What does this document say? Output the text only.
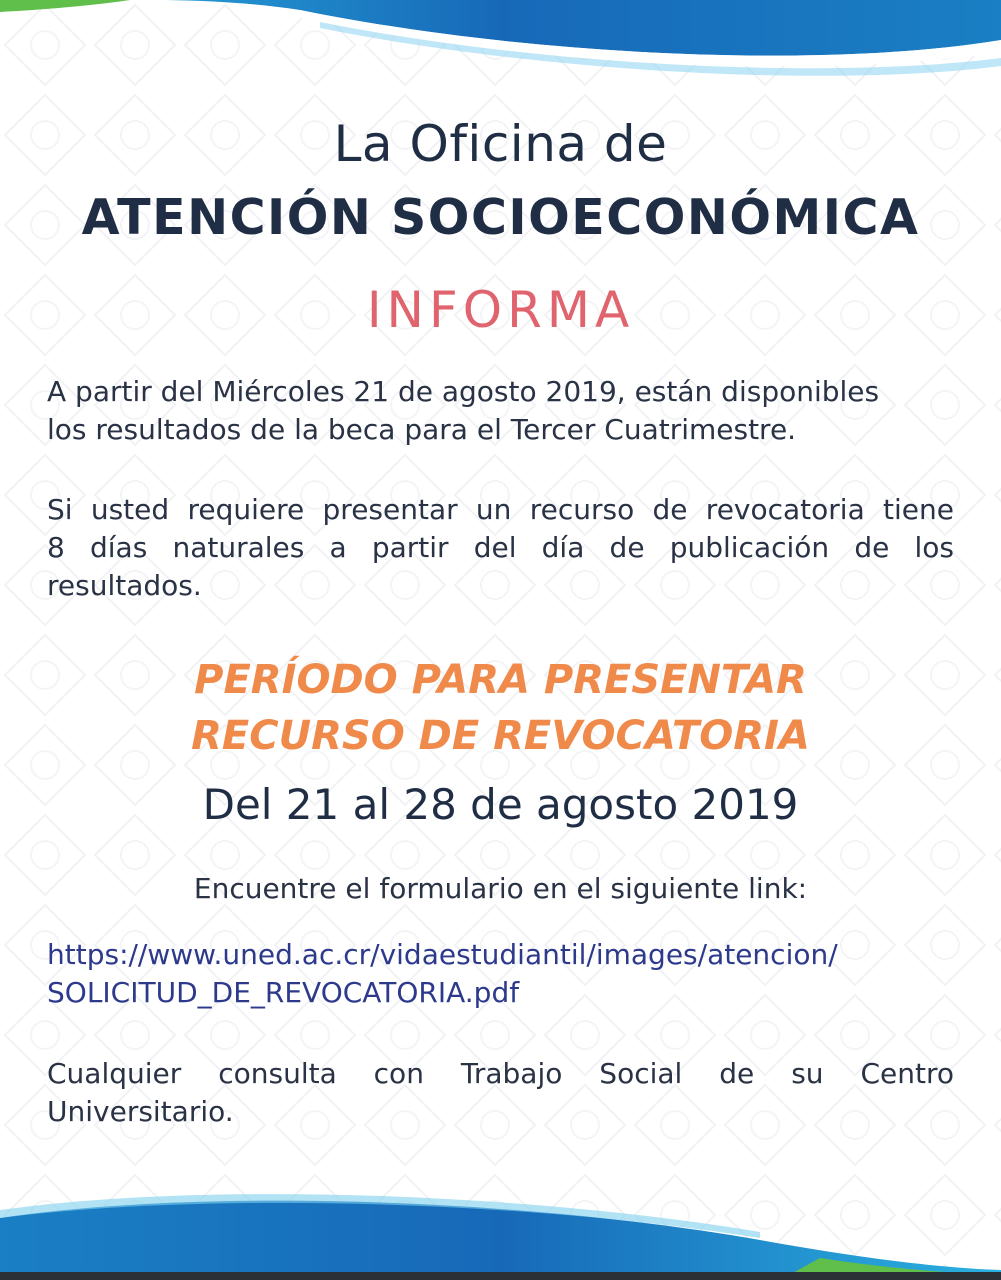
La Oficina de
ATENCIÓN SOCIOECONÓMICA
INFORMA
A partir del Miércoles 21 de agosto 2019, están disponibles
los resultados de la beca para el Tercer Cuatrimestre.
Si usted requiere presentar un recurso de revocatoria tiene
8 días naturales a partir del día de publicación de los
resultados.
PERÍODO PARA PRESENTAR
RECURSO DE REVOCATORIA
Del 21 al 28 de agosto 2019
Encuentre el formulario en el siguiente link:
https://www.uned.ac.cr/vidaestudiantil/images/atencion/
SOLICITUD_DE_REVOCATORIA.pdf
Cualquier consulta con Trabajo Social de su Centro
Universitario.
